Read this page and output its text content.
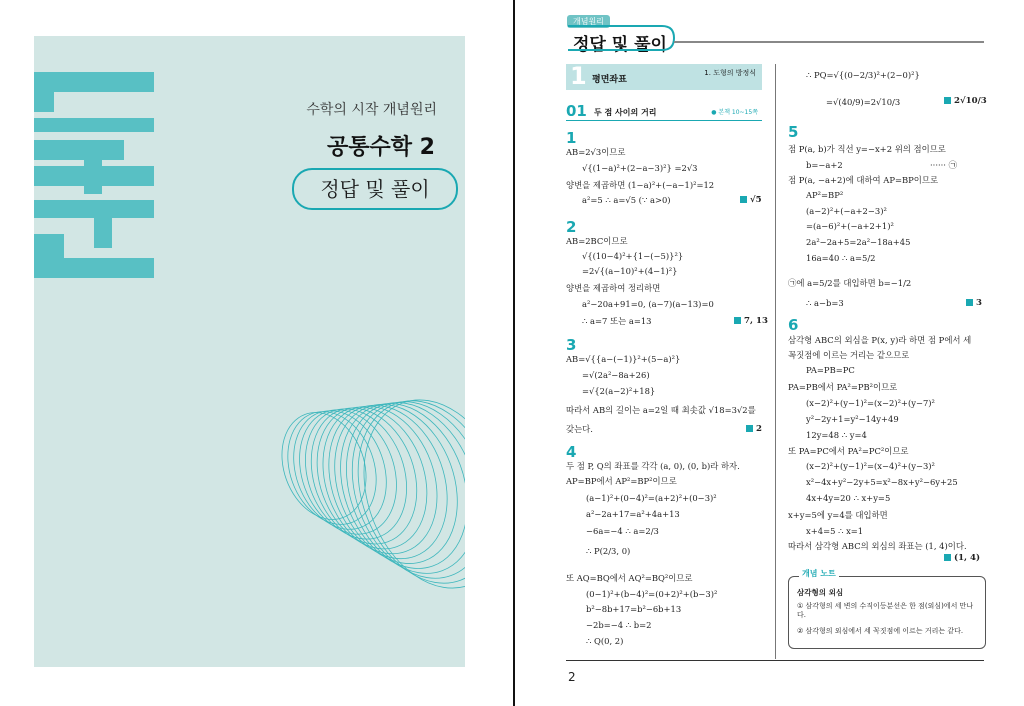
수학의 시작 개념원리
공통수학 2
정답 및 풀이
개념원리
정답 및 풀이
1 평면좌표
1. 도형의 방정식
01 두 점 사이의 거리	● 본책 10~15쪽
1
2
3
4
AB=2√3이므로
√{(1−a)²+(2−a−3)²} =2√3
양변을 제곱하면 (1−a)²+(−a−1)²=12
a²=5 ∴ a=√5 (∵ a>0)
AB=2BC이므로
√{(10−4)²+{1−(−5)}²}
=2√{(a−10)²+(4−1)²}
양변을 제곱하여 정리하면
a²−20a+91=0, (a−7)(a−13)=0
∴ a=7 또는 a=13
AB=√{{a−(−1)}²+(5−a)²}
=√(2a²−8a+26)
=√{2(a−2)²+18}
따라서 AB의 길이는 a=2일 때 최솟값 √18=3√2를
갖는다.
두 점 P, Q의 좌표를 각각 (a, 0), (0, b)라 하자.
AP=BP에서 AP²=BP²이므로
(a−1)²+(0−4)²=(a+2)²+(0−3)²
a²−2a+17=a²+4a+13
−6a=−4 ∴ a=2/3
∴ P(2/3, 0)
또 AQ=BQ에서 AQ²=BQ²이므로
(0−1)²+(b−4)²=(0+2)²+(b−3)²
b²−8b+17=b²−6b+13
−2b=−4 ∴ b=2
∴ Q(0, 2)
√5
7, 13
2
5
6
∴ PQ=√{(0−2/3)²+(2−0)²}
=√(40/9)=2√10/3
점 P(a, b)가 직선 y=−x+2 위의 점이므로
b=−a+2
점 P(a, −a+2)에 대하여 AP=BP이므로
AP²=BP²
(a−2)²+(−a+2−3)²
=(a−6)²+(−a+2+1)²
2a²−2a+5=2a²−18a+45
16a=40 ∴ a=5/2
㉠에 a=5/2를 대입하면 b=−1/2
∴ a−b=3
삼각형 ABC의 외심을 P(x, y)라 하면 점 P에서 세
꼭짓점에 이르는 거리는 같으므로
PA=PB=PC
PA=PB에서 PA²=PB²이므로
(x−2)²+(y−1)²=(x−2)²+(y−7)²
y²−2y+1=y²−14y+49
12y=48 ∴ y=4
또 PA=PC에서 PA²=PC²이므로
(x−2)²+(y−1)²=(x−4)²+(y−3)²
x²−4x+y²−2y+5=x²−8x+y²−6y+25
4x+4y=20 ∴ x+y=5
x+y=5에 y=4를 대입하면
x+4=5 ∴ x=1
따라서 삼각형 ABC의 외심의 좌표는 (1, 4)이다.
······ ㉠
2√10/3
3
(1, 4)
개념 노트
삼각형의 외심
① 삼각형의 세 변의 수직이등분선은 한 점(외심)에서 만나다.
② 삼각형의 외심에서 세 꼭짓점에 이르는 거리는 같다.
2
